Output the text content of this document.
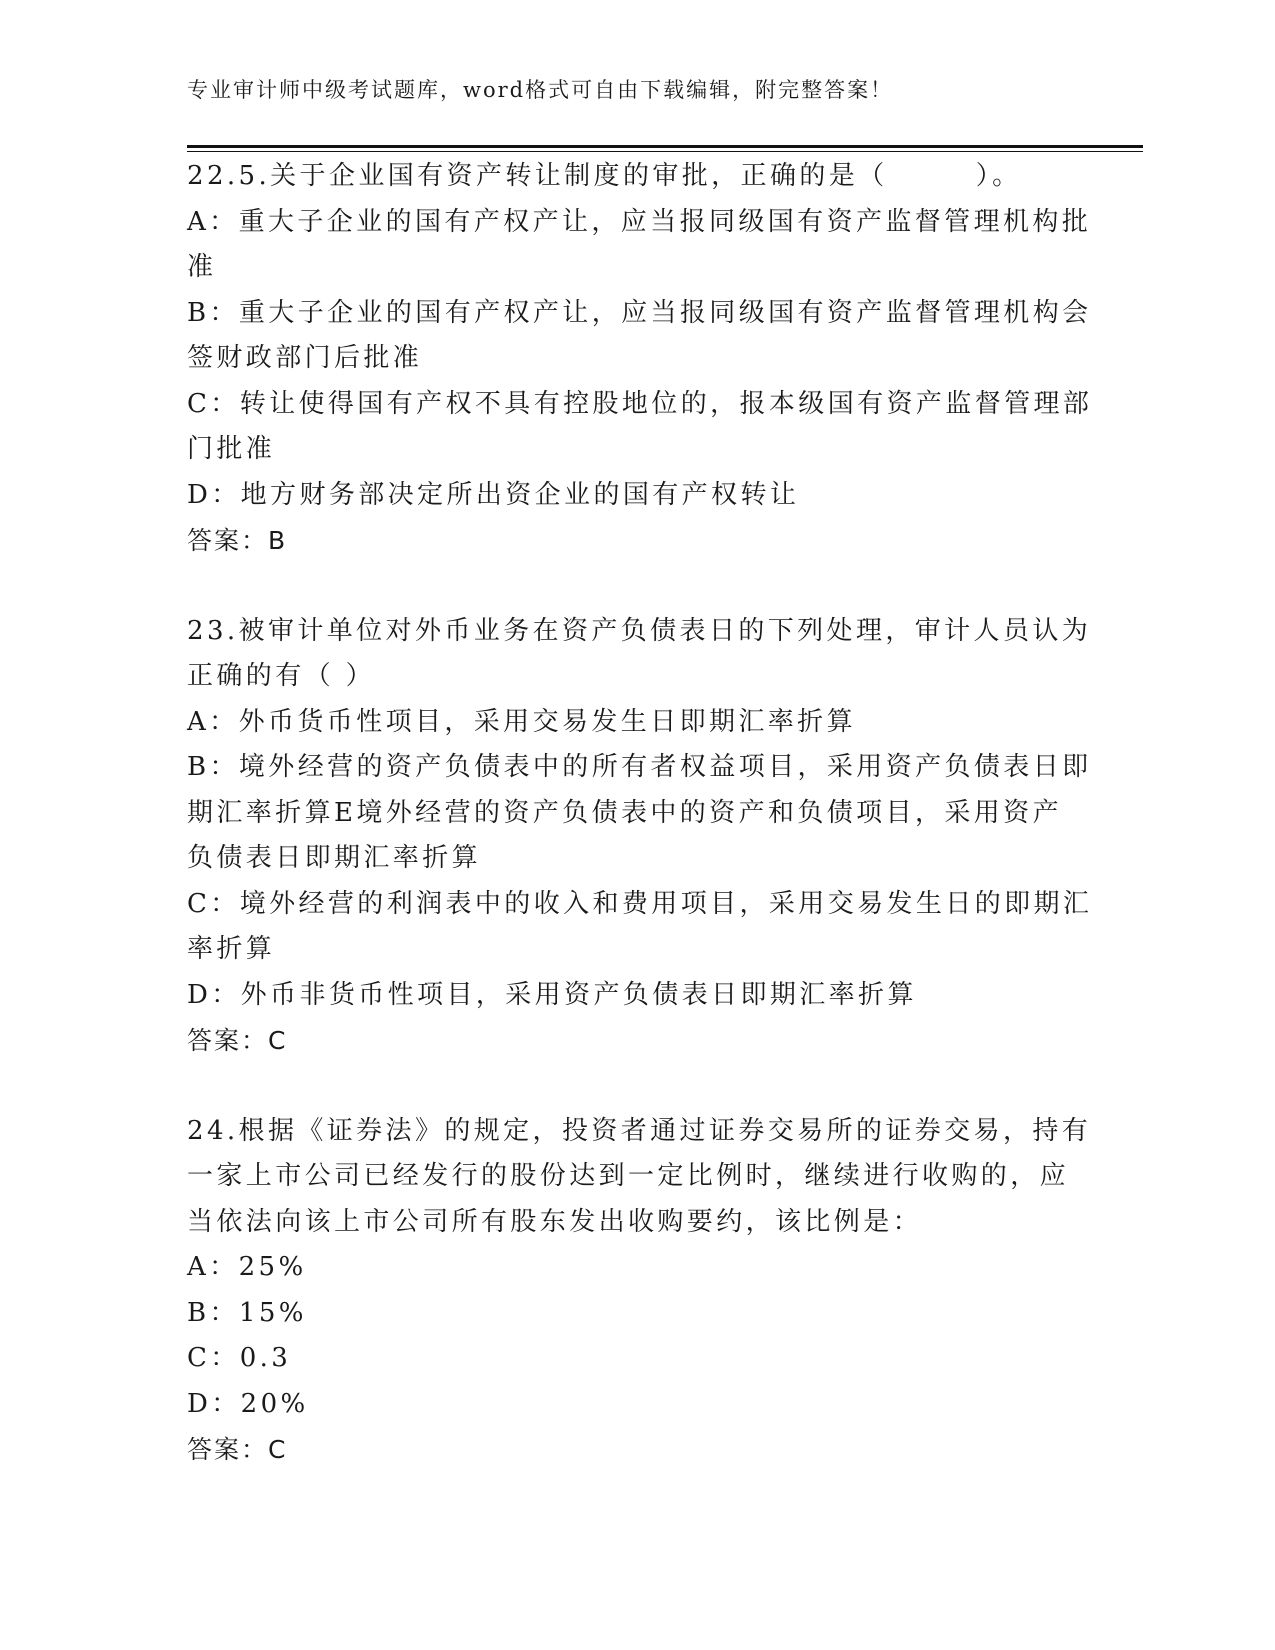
专业审计师中级考试题库，word格式可自由下载编辑，附完整答案！
22.5.关于企业国有资产转让制度的审批，正确的是（　　　）。
A：重大子企业的国有产权产让，应当报同级国有资产监督管理机构批
准
B：重大子企业的国有产权产让，应当报同级国有资产监督管理机构会
签财政部门后批准
C：转让使得国有产权不具有控股地位的，报本级国有资产监督管理部
门批准
D：地方财务部决定所出资企业的国有产权转让
答案：B
23.被审计单位对外币业务在资产负债表日的下列处理，审计人员认为
正确的有（ ）
A：外币货币性项目，采用交易发生日即期汇率折算
B：境外经营的资产负债表中的所有者权益项目，采用资产负债表日即
期汇率折算E境外经营的资产负债表中的资产和负债项目，采用资产
负债表日即期汇率折算
C：境外经营的利润表中的收入和费用项目，采用交易发生日的即期汇
率折算
D：外币非货币性项目，采用资产负债表日即期汇率折算
答案：C
24.根据《证券法》的规定，投资者通过证券交易所的证券交易，持有
一家上市公司已经发行的股份达到一定比例时，继续进行收购的，应
当依法向该上市公司所有股东发出收购要约，该比例是：
A：25%
B：15%
C：0.3
D：20%
答案：C
